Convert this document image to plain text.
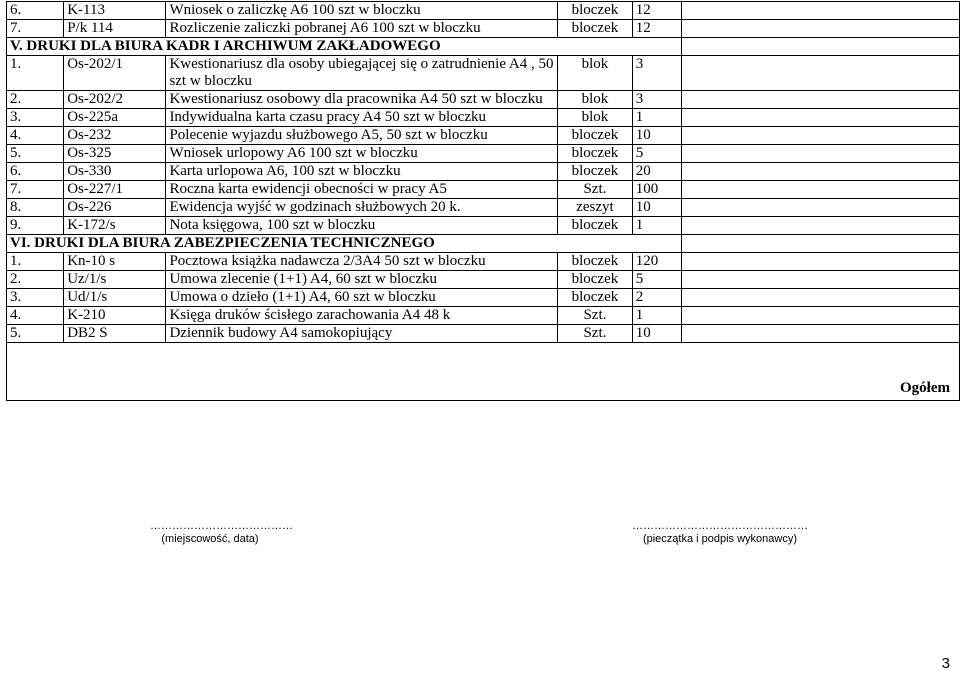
6.	K-113	Wniosek o zaliczkę A6 100 szt w bloczku	bloczek	12	
7.	P/k 114	Rozliczenie zaliczki pobranej A6 100 szt w bloczku	bloczek	12	
V. DRUKI DLA BIURA KADR I ARCHIWUM ZAKŁADOWEGO					
1.	Os-202/1	Kwestionariusz dla osoby ubiegającej się o zatrudnienie A4 , 50 szt w bloczku	blok	3	
2.	Os-202/2	Kwestionariusz osobowy dla pracownika A4 50 szt w bloczku	blok	3	
3.	Os-225a	Indywidualna karta czasu pracy A4 50 szt w bloczku	blok	1	
4.	Os-232	Polecenie wyjazdu służbowego A5, 50 szt w bloczku	bloczek	10	
5.	Os-325	Wniosek urlopowy A6 100 szt w bloczku	bloczek	5	
6.	Os-330	Karta urlopowa A6, 100 szt w bloczku	bloczek	20	
7.	Os-227/1	Roczna karta ewidencji obecności w pracy A5	Szt.	100	
8.	Os-226	Ewidencja wyjść w godzinach służbowych 20 k.	zeszyt	10	
9.	K-172/s	Nota księgowa, 100 szt w bloczku	bloczek	1	
VI. DRUKI DLA BIURA ZABEZPIECZENIA TECHNICZNEGO					
1.	Kn-10 s	Pocztowa książka nadawcza 2/3A4 50 szt w bloczku	bloczek	120	
2.	Uz/1/s	Umowa zlecenie (1+1) A4, 60 szt w bloczku	bloczek	5	
3.	Ud/1/s	Umowa o dzieło (1+1) A4, 60 szt w bloczku	bloczek	2	
4.	K-210	Księga druków ścisłego zarachowania A4 48 k	Szt.	1	
5.	DB2 S	Dziennik budowy A4 samokopiujący	Szt.	10	
Ogółem					
…………………………………
(miejscowość, data)
…………………………………………
(pieczątka i podpis wykonawcy)
3
